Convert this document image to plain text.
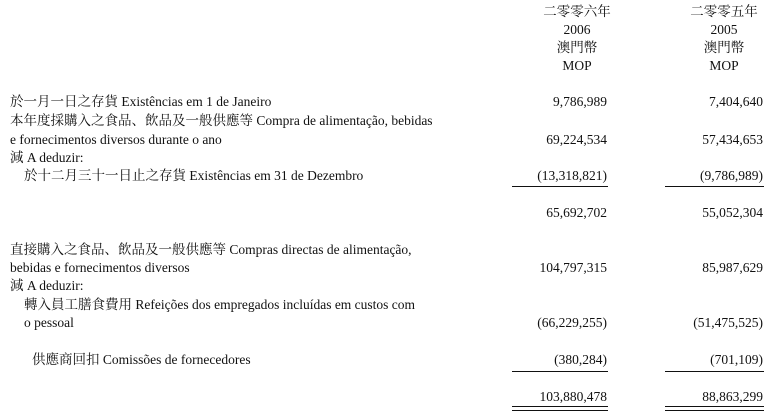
二零零六年
2006
澳門幣
MOP
二零零五年
2005
澳門幣
MOP
於一月一日之存貨 Existências em 1 de Janeiro	9,786,989	7,404,640
本年度採購入之食品、飲品及一般供應等 Compra de alimentação, bebidas
e fornecimentos diversos durante o ano	69,224,534	57,434,653
減 A deduzir:
於十二月三十一日止之存貨 Existências em 31 de Dezembro	(13,318,821)	(9,786,989)
65,692,702	55,052,304
直接購入之食品、飲品及一般供應等 Compras directas de alimentação,
bebidas e fornecimentos diversos	104,797,315	85,987,629
減 A deduzir:
轉入員工膳食費用 Refeições dos empregados incluídas em custos com
o pessoal	(66,229,255)	(51,475,525)
供應商回扣 Comissões de fornecedores	(380,284)	(701,109)
103,880,478	88,863,299
